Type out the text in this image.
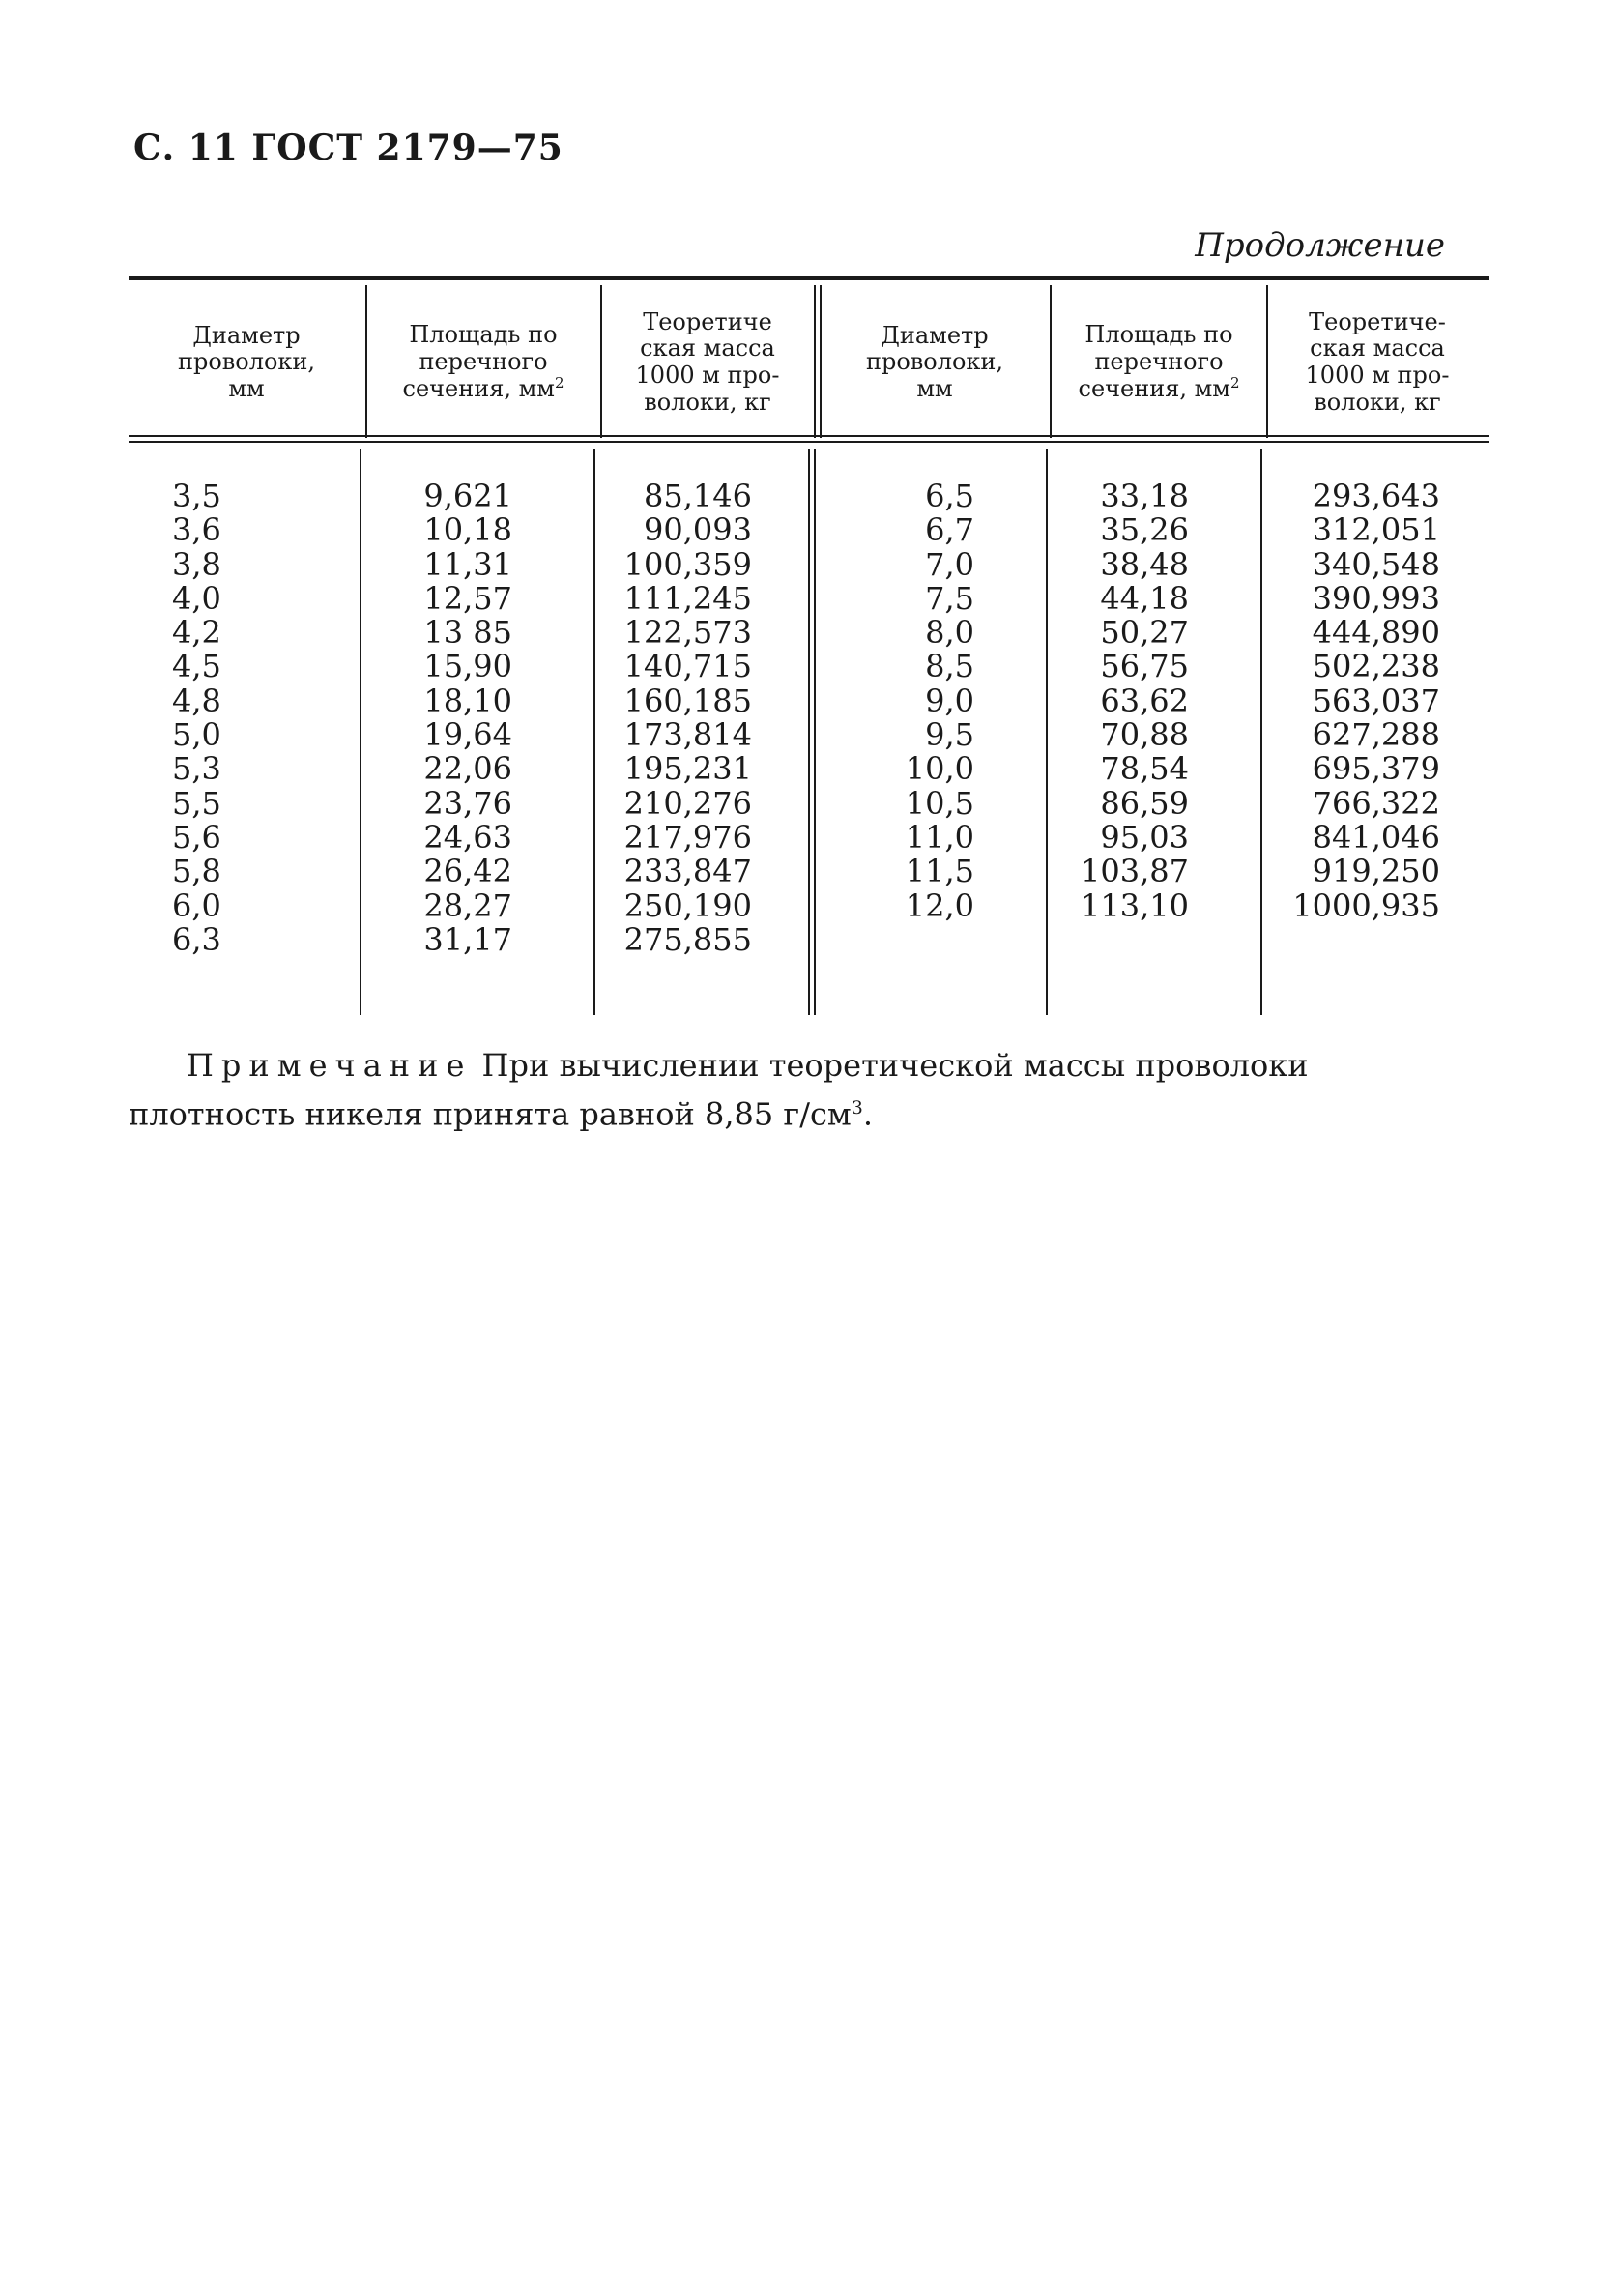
С. 11 ГОСТ 2179—75
Продолжение
Диаметр
проволоки,
мм
Площадь по
перечного
сечения, $мм^2$
Теоретиче
ская масса
1000 м про-
волоки, кг
Диаметр
проволоки,
мм
Площадь по
перечного
сечения, $мм^2$
Теоретиче-
ская масса
1000 м про-
волоки, кг
3,5
3,6
3,8
4,0
4,2
4,5
4,8
5,0
5,3
5,5
5,6
5,8
6,0
6,3
9,621
10,18
11,31
12,57
13 85
15,90
18,10
19,64
22,06
23,76
24,63
26,42
28,27
31,17
85,146
90,093
100,359
111,245
122,573
140,715
160,185
173,814
195,231
210,276
217,976
233,847
250,190
275,855
6,5
6,7
7,0
7,5
8,0
8,5
9,0
9,5
10,0
10,5
11,0
11,5
12,0
33,18
35,26
38,48
44,18
50,27
56,75
63,62
70,88
78,54
86,59
95,03
103,87
113,10
293,643
312,051
340,548
390,993
444,890
502,238
563,037
627,288
695,379
766,322
841,046
919,250
1000,935
Примечание При вычислении теоретической массы проволоки плотность никеля принята равной 8,85 $г/см^3$.
